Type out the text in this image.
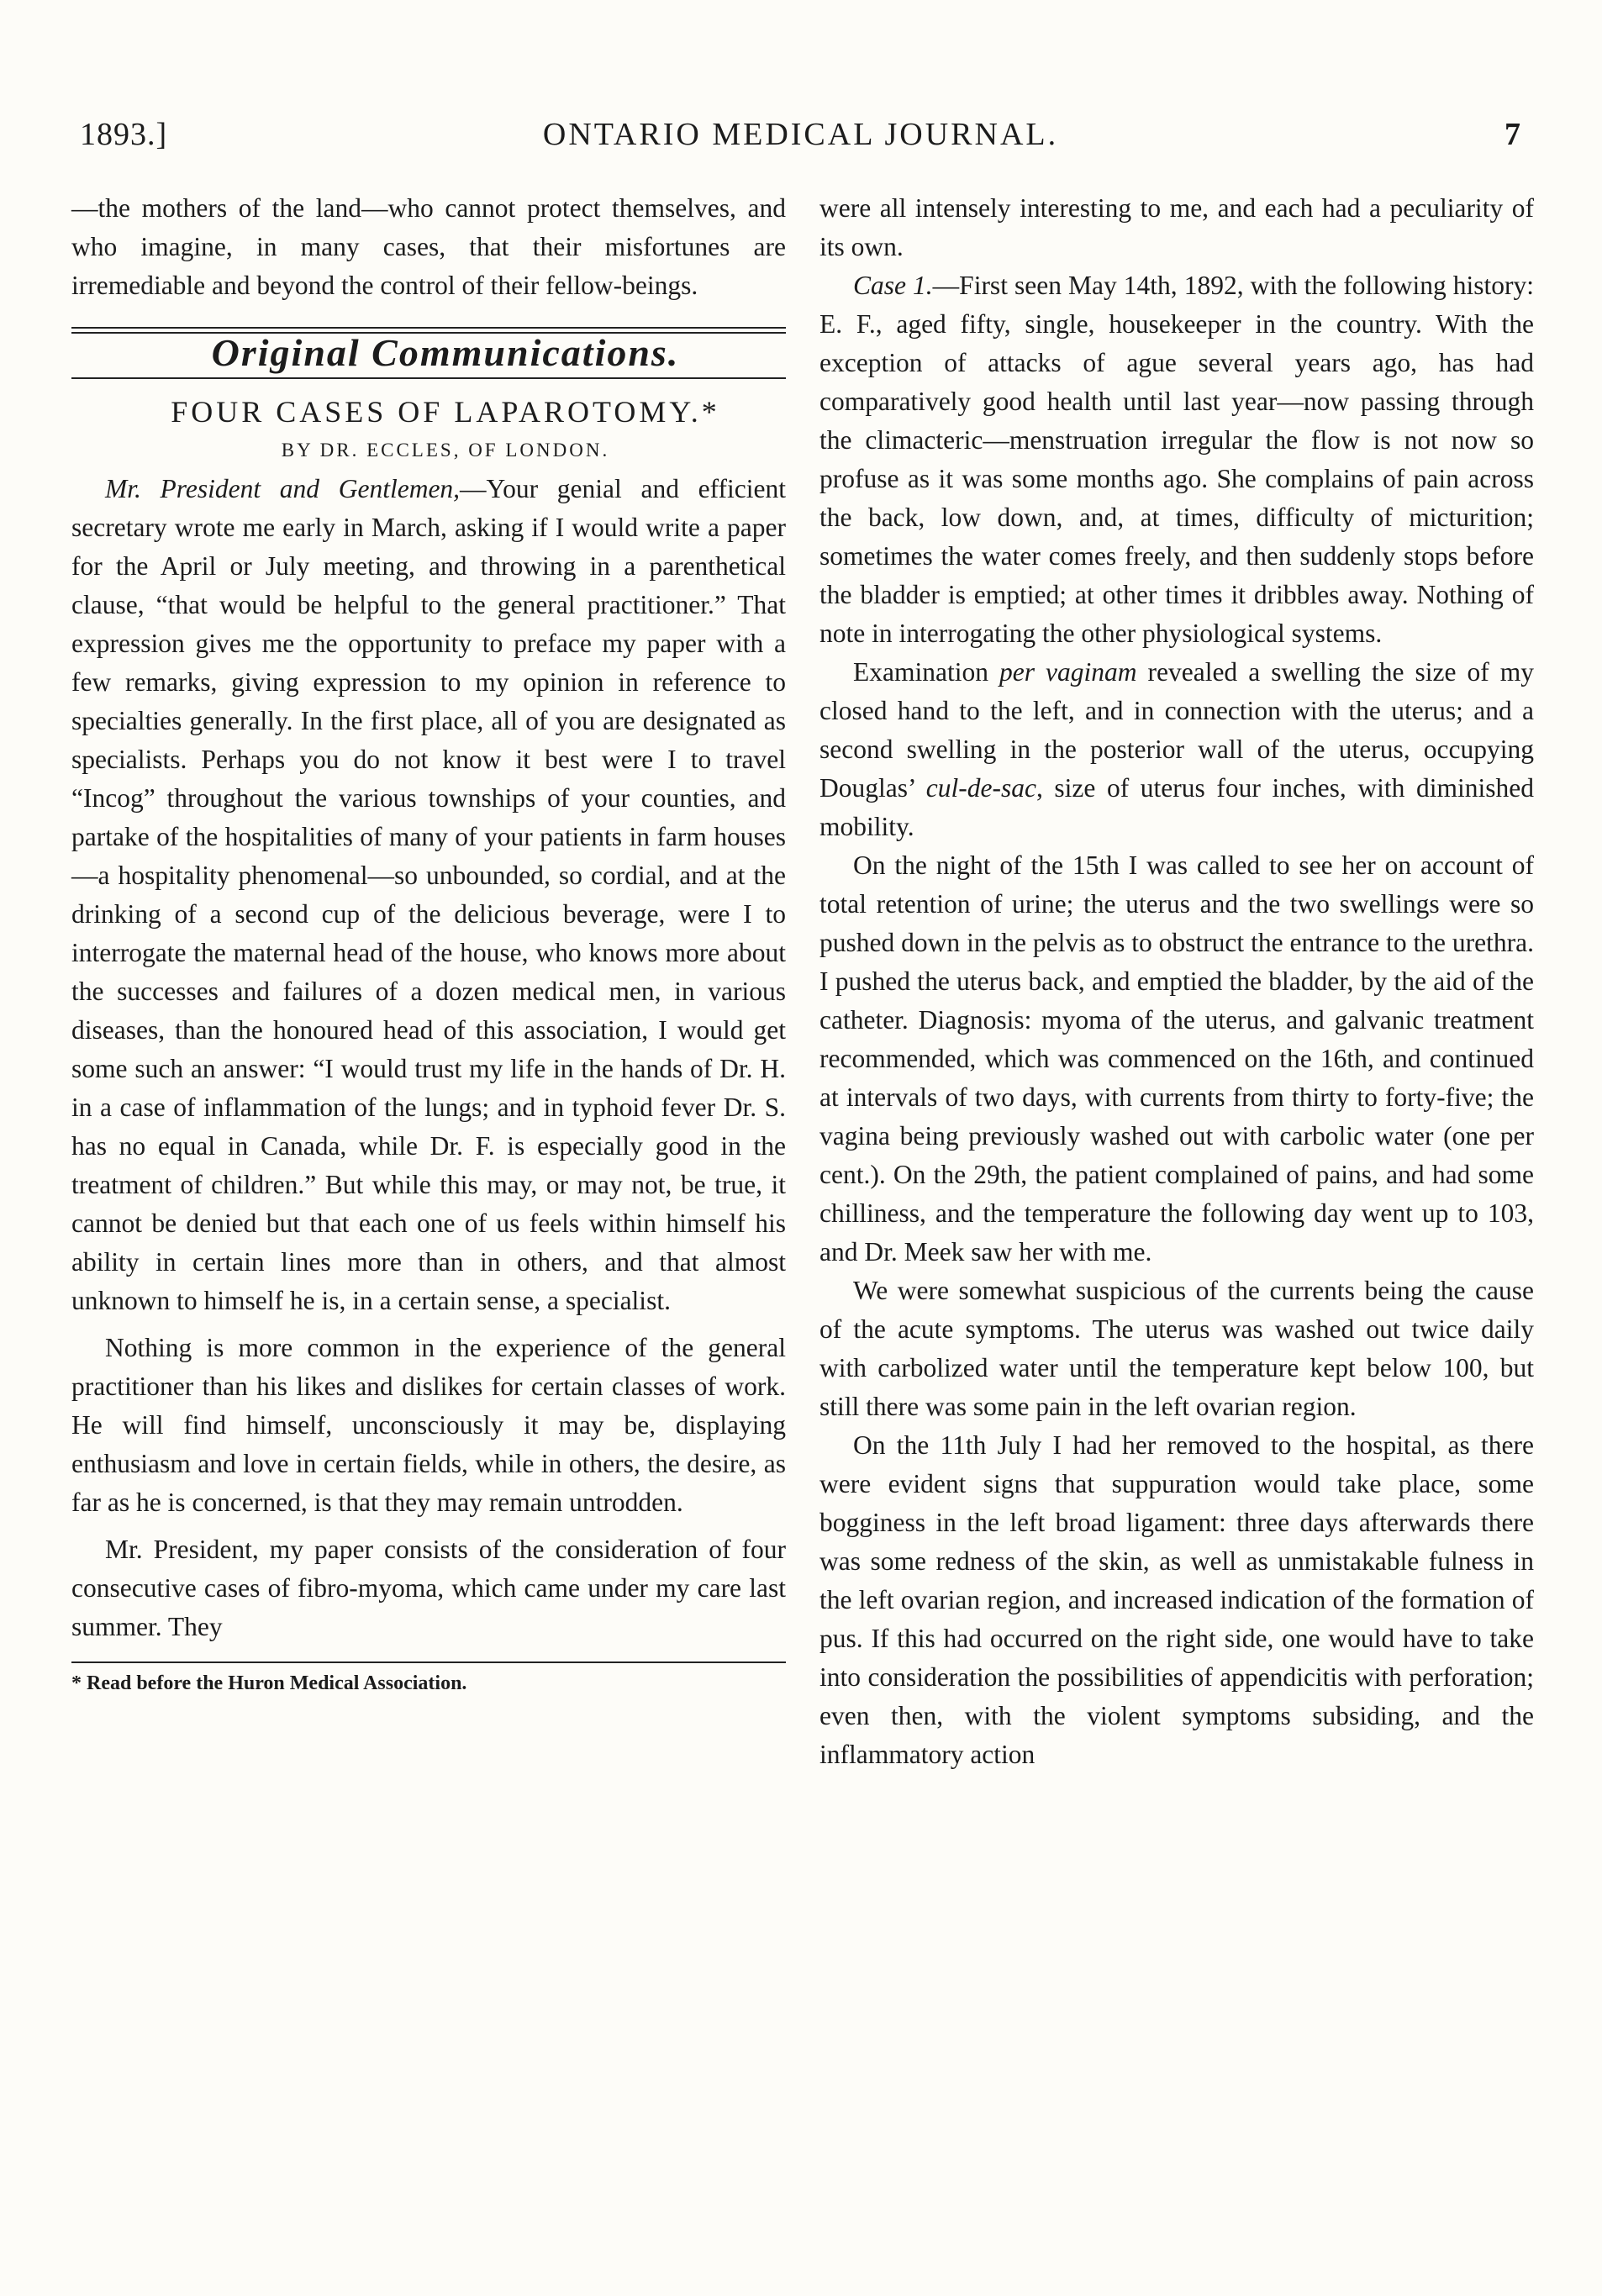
1893.]	ONTARIO MEDICAL JOURNAL.	7

—the mothers of the land—who cannot protect themselves, and who imagine, in many cases, that their misfortunes are irremediable and beyond the control of their fellow-beings.

Original Communications.

FOUR CASES OF LAPAROTOMY.*

BY DR. ECCLES, OF LONDON.

Mr. President and Gentlemen,—Your genial and efficient secretary wrote me early in March, asking if I would write a paper for the April or July meeting, and throwing in a parenthetical clause, “that would be helpful to the general practitioner.” That expression gives me the opportunity to preface my paper with a few remarks, giving expression to my opinion in reference to specialties generally. In the first place, all of you are designated as specialists. Perhaps you do not know it best were I to travel “Incog” throughout the various townships of your counties, and partake of the hospitalities of many of your patients in farm houses—a hospitality phenomenal—so unbounded, so cordial, and at the drinking of a second cup of the delicious beverage, were I to interrogate the maternal head of the house, who knows more about the successes and failures of a dozen medical men, in various diseases, than the honoured head of this association, I would get some such an answer: “I would trust my life in the hands of Dr. H. in a case of inflammation of the lungs; and in typhoid fever Dr. S. has no equal in Canada, while Dr. F. is especially good in the treatment of children.” But while this may, or may not, be true, it cannot be denied but that each one of us feels within himself his ability in certain lines more than in others, and that almost unknown to himself he is, in a certain sense, a specialist.

Nothing is more common in the experience of the general practitioner than his likes and dislikes for certain classes of work. He will find himself, unconsciously it may be, displaying enthusiasm and love in certain fields, while in others, the desire, as far as he is concerned, is that they may remain untrodden.

Mr. President, my paper consists of the consideration of four consecutive cases of fibro-myoma, which came under my care last summer. They

* Read before the Huron Medical Association.

were all intensely interesting to me, and each had a peculiarity of its own.

Case 1.—First seen May 14th, 1892, with the following history: E. F., aged fifty, single, housekeeper in the country. With the exception of attacks of ague several years ago, has had comparatively good health until last year—now passing through the climacteric—menstruation irregular the flow is not now so profuse as it was some months ago. She complains of pain across the back, low down, and, at times, difficulty of micturition; sometimes the water comes freely, and then suddenly stops before the bladder is emptied; at other times it dribbles away. Nothing of note in interrogating the other physiological systems.

Examination per vaginam revealed a swelling the size of my closed hand to the left, and in connection with the uterus; and a second swelling in the posterior wall of the uterus, occupying Douglas’ cul-de-sac, size of uterus four inches, with diminished mobility.

On the night of the 15th I was called to see her on account of total retention of urine; the uterus and the two swellings were so pushed down in the pelvis as to obstruct the entrance to the urethra. I pushed the uterus back, and emptied the bladder, by the aid of the catheter. Diagnosis: myoma of the uterus, and galvanic treatment recommended, which was commenced on the 16th, and continued at intervals of two days, with currents from thirty to forty-five; the vagina being previously washed out with carbolic water (one per cent.). On the 29th, the patient complained of pains, and had some chilliness, and the temperature the following day went up to 103, and Dr. Meek saw her with me.

We were somewhat suspicious of the currents being the cause of the acute symptoms. The uterus was washed out twice daily with carbolized water until the temperature kept below 100, but still there was some pain in the left ovarian region.

On the 11th July I had her removed to the hospital, as there were evident signs that suppuration would take place, some bogginess in the left broad ligament: three days afterwards there was some redness of the skin, as well as unmistakable fulness in the left ovarian region, and increased indication of the formation of pus. If this had occurred on the right side, one would have to take into consideration the possibilities of appendicitis with perforation; even then, with the violent symptoms subsiding, and the inflammatory action
